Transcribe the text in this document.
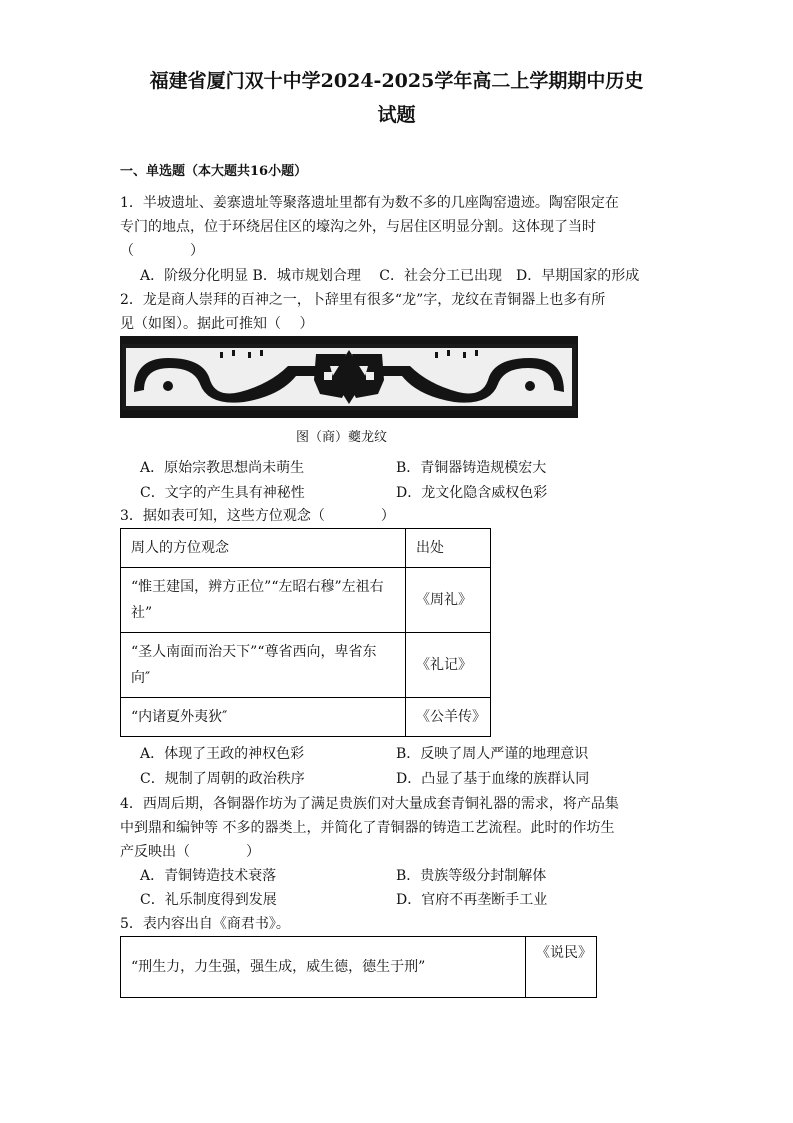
福建省厦门双十中学2024-2025学年高二上学期期中历史
试题
一、单选题（本大题共16小题）
1．半坡遗址、姜寨遗址等聚落遗址里都有为数不多的几座陶窑遗迹。陶窑限定在
专门的地点，位于环绕居住区的壕沟之外，与居住区明显分割。这体现了当时
（　　　　）
A．阶级分化明显 B．城市规划合理　 C．社会分工已出现　D．早期国家的形成
2．龙是商人崇拜的百神之一，卜辞里有很多“龙”字，龙纹在青铜器上也多有所
见（如图）。据此可推知（　 ）
图（商）夔龙纹
A．原始宗教思想尚未萌生	B．青铜器铸造规模宏大
C．文字的产生具有神秘性	D．龙文化隐含威权色彩
3．据如表可知，这些方位观念（　　　　）
周人的方位观念	出处
“惟王建国，辨方正位”“左昭右穆”左祖右社”	《周礼》
“圣人南面而治天下”“尊省西向，卑省东向″	《礼记》
“内诸夏外夷狄″	《公羊传》
A．体现了王政的神权色彩	B．反映了周人严谨的地理意识
C．规制了周朝的政治秩序	D．凸显了基于血缘的族群认同
4．西周后期，各铜器作坊为了满足贵族们对大量成套青铜礼器的需求，将产品集
中到鼎和编钟等 不多的器类上，并简化了青铜器的铸造工艺流程。此时的作坊生
产反映出（　　　　）
A．青铜铸造技术衰落	B．贵族等级分封制解体
C．礼乐制度得到发展	D．官府不再垄断手工业
5．表内容出自《商君书》。
“刑生力，力生强，强生成，威生德，德生于刑”	《说民》
